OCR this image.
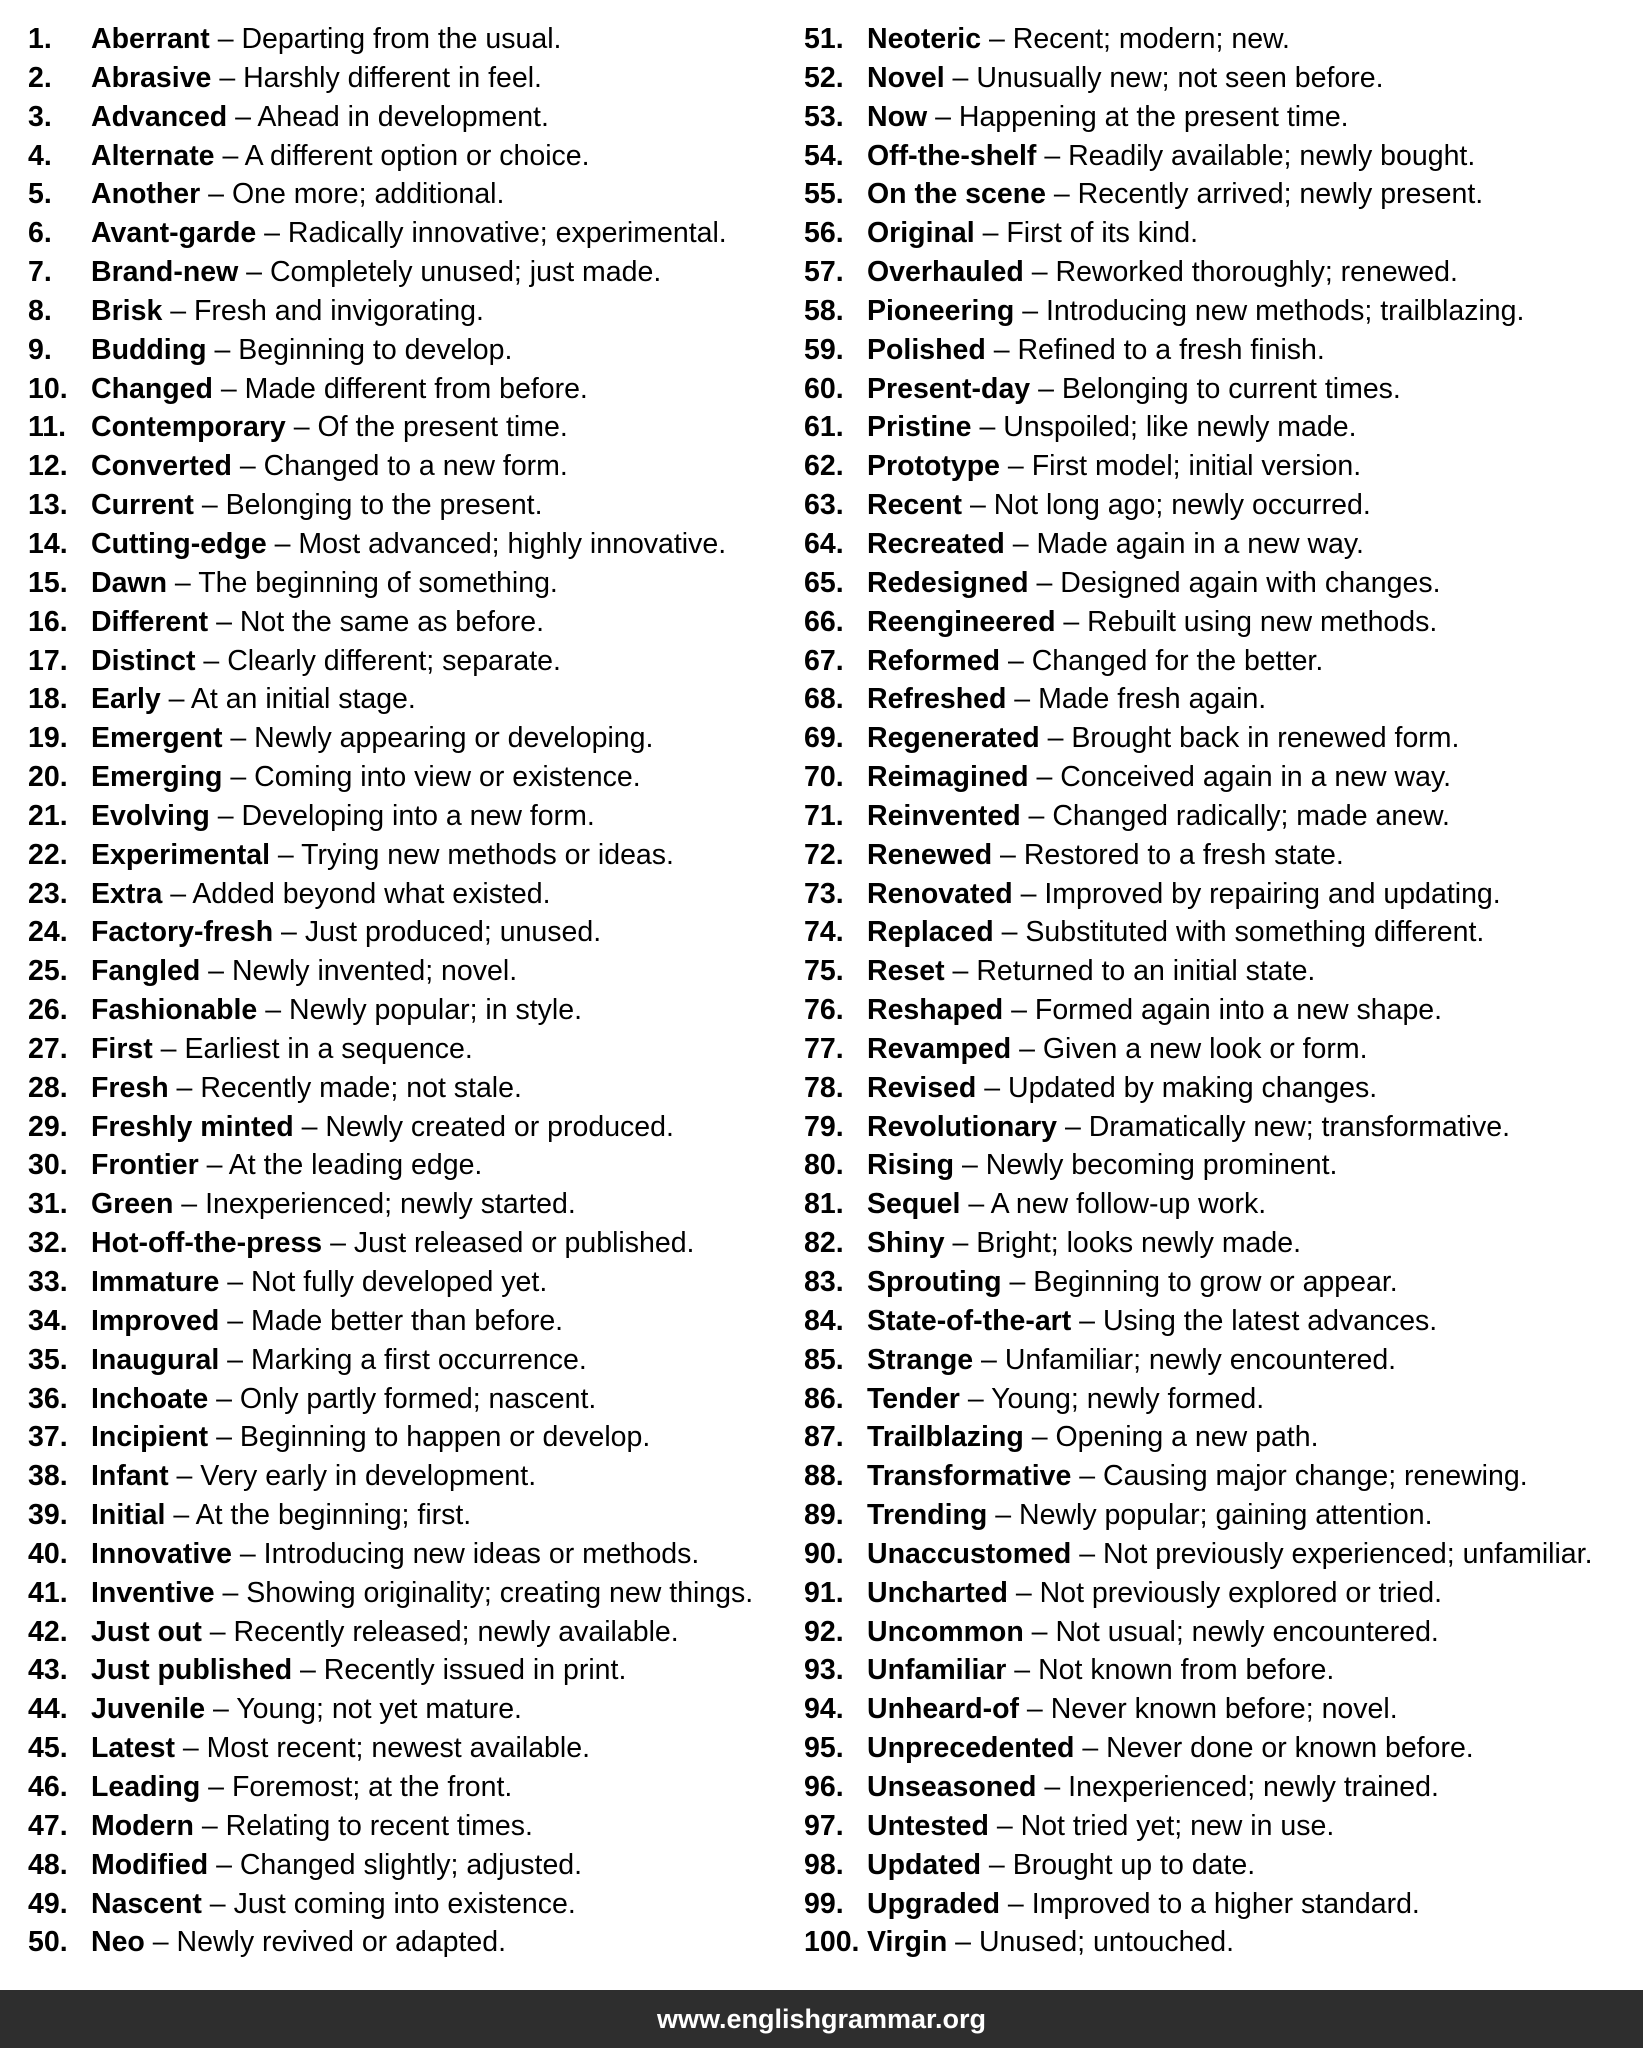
1. Aberrant – Departing from the usual.
2. Abrasive – Harshly different in feel.
3. Advanced – Ahead in development.
4. Alternate – A different option or choice.
5. Another – One more; additional.
6. Avant-garde – Radically innovative; experimental.
7. Brand-new – Completely unused; just made.
8. Brisk – Fresh and invigorating.
9. Budding – Beginning to develop.
10. Changed – Made different from before.
11. Contemporary – Of the present time.
12. Converted – Changed to a new form.
13. Current – Belonging to the present.
14. Cutting-edge – Most advanced; highly innovative.
15. Dawn – The beginning of something.
16. Different – Not the same as before.
17. Distinct – Clearly different; separate.
18. Early – At an initial stage.
19. Emergent – Newly appearing or developing.
20. Emerging – Coming into view or existence.
21. Evolving – Developing into a new form.
22. Experimental – Trying new methods or ideas.
23. Extra – Added beyond what existed.
24. Factory-fresh – Just produced; unused.
25. Fangled – Newly invented; novel.
26. Fashionable – Newly popular; in style.
27. First – Earliest in a sequence.
28. Fresh – Recently made; not stale.
29. Freshly minted – Newly created or produced.
30. Frontier – At the leading edge.
31. Green – Inexperienced; newly started.
32. Hot-off-the-press – Just released or published.
33. Immature – Not fully developed yet.
34. Improved – Made better than before.
35. Inaugural – Marking a first occurrence.
36. Inchoate – Only partly formed; nascent.
37. Incipient – Beginning to happen or develop.
38. Infant – Very early in development.
39. Initial – At the beginning; first.
40. Innovative – Introducing new ideas or methods.
41. Inventive – Showing originality; creating new things.
42. Just out – Recently released; newly available.
43. Just published – Recently issued in print.
44. Juvenile – Young; not yet mature.
45. Latest – Most recent; newest available.
46. Leading – Foremost; at the front.
47. Modern – Relating to recent times.
48. Modified – Changed slightly; adjusted.
49. Nascent – Just coming into existence.
50. Neo – Newly revived or adapted.
51. Neoteric – Recent; modern; new.
52. Novel – Unusually new; not seen before.
53. Now – Happening at the present time.
54. Off-the-shelf – Readily available; newly bought.
55. On the scene – Recently arrived; newly present.
56. Original – First of its kind.
57. Overhauled – Reworked thoroughly; renewed.
58. Pioneering – Introducing new methods; trailblazing.
59. Polished – Refined to a fresh finish.
60. Present-day – Belonging to current times.
61. Pristine – Unspoiled; like newly made.
62. Prototype – First model; initial version.
63. Recent – Not long ago; newly occurred.
64. Recreated – Made again in a new way.
65. Redesigned – Designed again with changes.
66. Reengineered – Rebuilt using new methods.
67. Reformed – Changed for the better.
68. Refreshed – Made fresh again.
69. Regenerated – Brought back in renewed form.
70. Reimagined – Conceived again in a new way.
71. Reinvented – Changed radically; made anew.
72. Renewed – Restored to a fresh state.
73. Renovated – Improved by repairing and updating.
74. Replaced – Substituted with something different.
75. Reset – Returned to an initial state.
76. Reshaped – Formed again into a new shape.
77. Revamped – Given a new look or form.
78. Revised – Updated by making changes.
79. Revolutionary – Dramatically new; transformative.
80. Rising – Newly becoming prominent.
81. Sequel – A new follow-up work.
82. Shiny – Bright; looks newly made.
83. Sprouting – Beginning to grow or appear.
84. State-of-the-art – Using the latest advances.
85. Strange – Unfamiliar; newly encountered.
86. Tender – Young; newly formed.
87. Trailblazing – Opening a new path.
88. Transformative – Causing major change; renewing.
89. Trending – Newly popular; gaining attention.
90. Unaccustomed – Not previously experienced; unfamiliar.
91. Uncharted – Not previously explored or tried.
92. Uncommon – Not usual; newly encountered.
93. Unfamiliar – Not known from before.
94. Unheard-of – Never known before; novel.
95. Unprecedented – Never done or known before.
96. Unseasoned – Inexperienced; newly trained.
97. Untested – Not tried yet; new in use.
98. Updated – Brought up to date.
99. Upgraded – Improved to a higher standard.
100. Virgin – Unused; untouched.
www.englishgrammar.org
